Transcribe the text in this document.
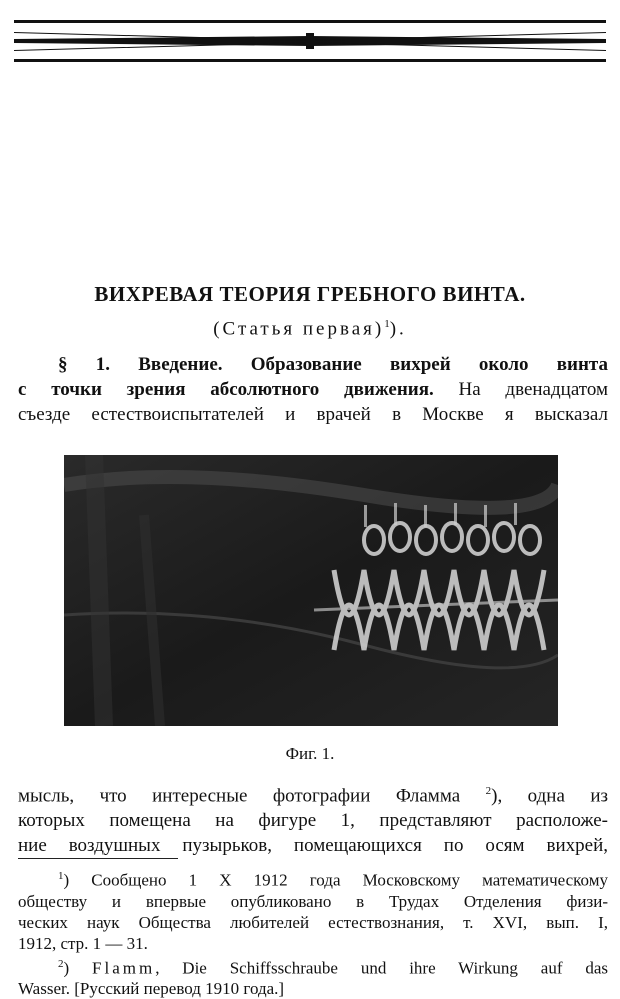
ВИХРЕВАЯ ТЕОРИЯ ГРЕБНОГО ВИНТА.
(Статья первая)$^1$).
§ 1. Введение. Образование вихрей около винта
с точки зрения абсолютного движения. На двенадцатом
съезде естествоиспытателей и врачей в Москве я высказал
Фиг. 1.
мысль, что интересные фотографии Фламма $^2$), одна из
которых помещена на фигуре 1, представляют расположе-
ние воздушных пузырьков, помещающихся по осям вихрей,
$^1$) Сообщено 1 X 1912 года Московскому математическому
обществу и впервые опубликовано в Трудах Отделения физи-
ческих наук Общества любителей естествознания, т. XVI, вып. I,
1912, стр. 1 — 31.
$^2$) Flamm, Die Schiffsschraube und ihre Wirkung auf das
Wasser. [Русский перевод 1910 года.]
